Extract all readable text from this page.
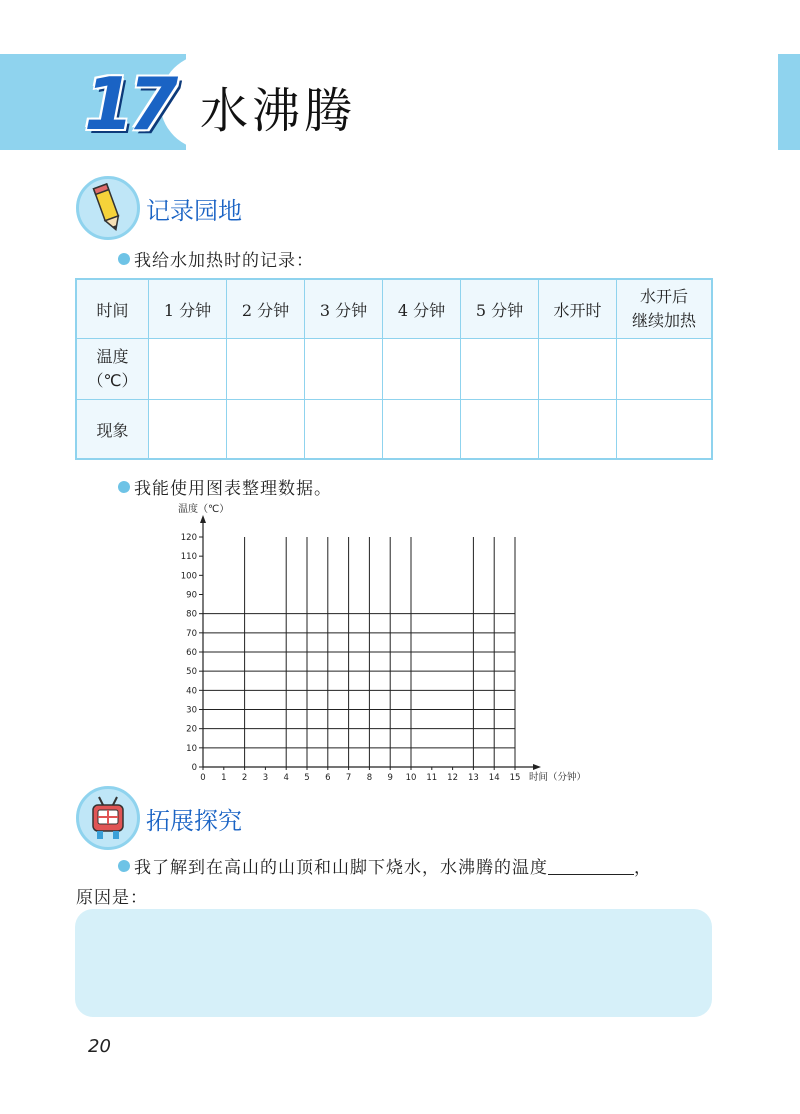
17 水沸腾
记录园地
我给水加热时的记录：
时间	1 分钟	2 分钟	3 分钟	4 分钟	5 分钟	水开时	水开后
继续加热
温度
（℃）							
现象							
我能使用图表整理数据。
0
10
20
30
40
50
60
70
80
90
100
110
120
0 1 2 3 4 5 6 7 8 9 10 11 12 13 14 15
温度（℃）
时间（分钟）
拓展探究
我了解到在高山的山顶和山脚下烧水，水沸腾的温度	，
原因是：
20
